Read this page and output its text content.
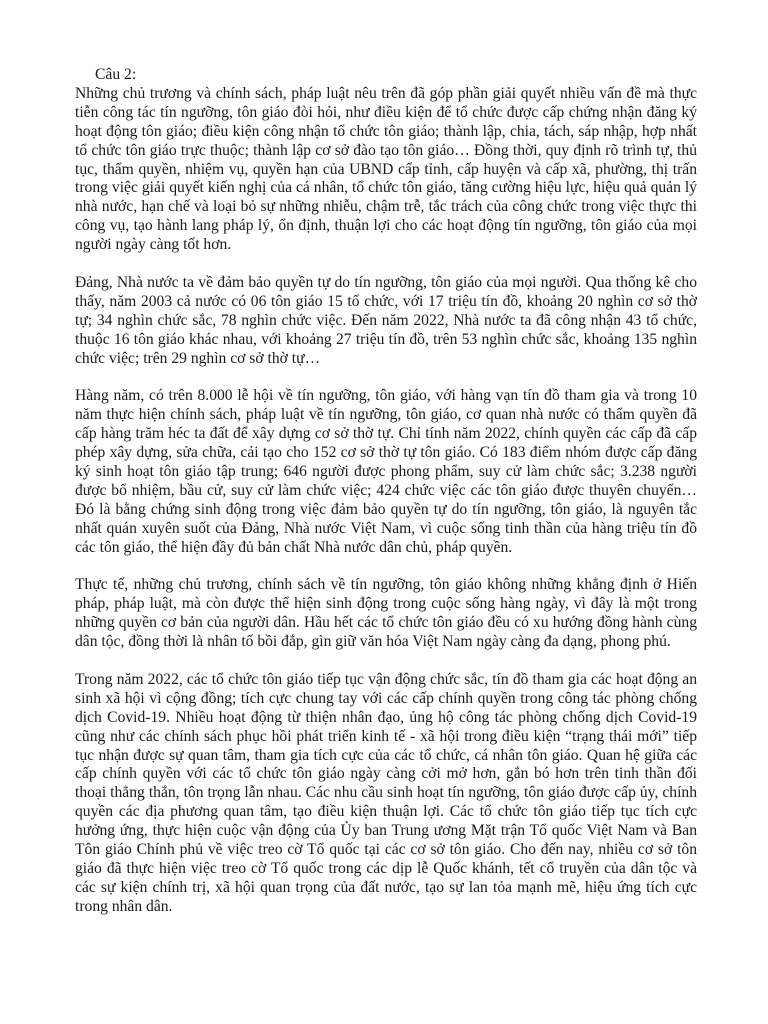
Câu 2:

Những chủ trương và chính sách, pháp luật nêu trên đã góp phần giải quyết nhiều vấn đề mà thực tiễn công tác tín ngưỡng, tôn giáo đòi hỏi, như điều kiện để tổ chức được cấp chứng nhận đăng ký hoạt động tôn giáo; điều kiện công nhận tổ chức tôn giáo; thành lập, chia, tách, sáp nhập, hợp nhất tổ chức tôn giáo trực thuộc; thành lập cơ sở đào tạo tôn giáo… Đồng thời, quy định rõ trình tự, thủ tục, thẩm quyền, nhiệm vụ, quyền hạn của UBND cấp tỉnh, cấp huyện và cấp xã, phường, thị trấn trong việc giải quyết kiến nghị của cá nhân, tổ chức tôn giáo, tăng cường hiệu lực, hiệu quả quản lý nhà nước, hạn chế và loại bỏ sự những nhiễu, chậm trễ, tắc trách của công chức trong việc thực thi công vụ, tạo hành lang pháp lý, ổn định, thuận lợi cho các hoạt động tín ngưỡng, tôn giáo của mọi người ngày càng tốt hơn.

Đảng, Nhà nước ta về đảm bảo quyền tự do tín ngưỡng, tôn giáo của mọi người. Qua thống kê cho thấy, năm 2003 cả nước có 06 tôn giáo 15 tổ chức, với 17 triệu tín đồ, khoảng 20 nghìn cơ sở thờ tự; 34 nghìn chức sắc, 78 nghìn chức việc. Đến năm 2022, Nhà nước ta đã công nhận 43 tổ chức, thuộc 16 tôn giáo khác nhau, với khoảng 27 triệu tín đồ, trên 53 nghìn chức sắc, khoảng 135 nghìn chức việc; trên 29 nghìn cơ sở thờ tự…

Hàng năm, có trên 8.000 lễ hội về tín ngưỡng, tôn giáo, với hàng vạn tín đồ tham gia và trong 10 năm thực hiện chính sách, pháp luật về tín ngưỡng, tôn giáo, cơ quan nhà nước có thẩm quyền đã cấp hàng trăm héc ta đất để xây dựng cơ sở thờ tự. Chỉ tính năm 2022, chính quyền các cấp đã cấp phép xây dựng, sửa chữa, cải tạo cho 152 cơ sở thờ tự tôn giáo. Có 183 điểm nhóm được cấp đăng ký sinh hoạt tôn giáo tập trung; 646 người được phong phẩm, suy cử làm chức sắc; 3.238 người được bổ nhiệm, bầu cử, suy cử làm chức việc; 424 chức việc các tôn giáo được thuyên chuyển… Đó là bằng chứng sinh động trong việc đảm bảo quyền tự do tín ngưỡng, tôn giáo, là nguyên tắc nhất quán xuyên suốt của Đảng, Nhà nước Việt Nam, vì cuộc sống tinh thần của hàng triệu tín đồ các tôn giáo, thể hiện đầy đủ bản chất Nhà nước dân chủ, pháp quyền.

Thực tế, những chủ trương, chính sách về tín ngưỡng, tôn giáo không những khẳng định ở Hiến pháp, pháp luật, mà còn được thể hiện sinh động trong cuộc sống hàng ngày, vì đây là một trong những quyền cơ bản của người dân. Hầu hết các tổ chức tôn giáo đều có xu hướng đồng hành cùng dân tộc, đồng thời là nhân tố bồi đắp, gìn giữ văn hóa Việt Nam ngày càng đa dạng, phong phú.

Trong năm 2022, các tổ chức tôn giáo tiếp tục vận động chức sắc, tín đồ tham gia các hoạt động an sinh xã hội vì cộng đồng; tích cực chung tay với các cấp chính quyền trong công tác phòng chống dịch Covid-19. Nhiều hoạt động từ thiện nhân đạo, ủng hộ công tác phòng chống dịch Covid-19 cũng như các chính sách phục hồi phát triển kinh tế - xã hội trong điều kiện “trạng thái mới” tiếp tục nhận được sự quan tâm, tham gia tích cực của các tổ chức, cá nhân tôn giáo. Quan hệ giữa các cấp chính quyền với các tổ chức tôn giáo ngày càng cởi mở hơn, gắn bó hơn trên tinh thần đối thoại thẳng thắn, tôn trọng lẫn nhau. Các nhu cầu sinh hoạt tín ngưỡng, tôn giáo được cấp ủy, chính quyền các địa phương quan tâm, tạo điều kiện thuận lợi. Các tổ chức tôn giáo tiếp tục tích cực hưởng ứng, thực hiện cuộc vận động của Ủy ban Trung ương Mặt trận Tổ quốc Việt Nam và Ban Tôn giáo Chính phủ về việc treo cờ Tổ quốc tại các cơ sở tôn giáo. Cho đến nay, nhiều cơ sở tôn giáo đã thực hiện việc treo cờ Tổ quốc trong các dịp lễ Quốc khánh, tết cổ truyền của dân tộc và các sự kiện chính trị, xã hội quan trọng của đất nước, tạo sự lan tỏa mạnh mẽ, hiệu ứng tích cực trong nhân dân.
